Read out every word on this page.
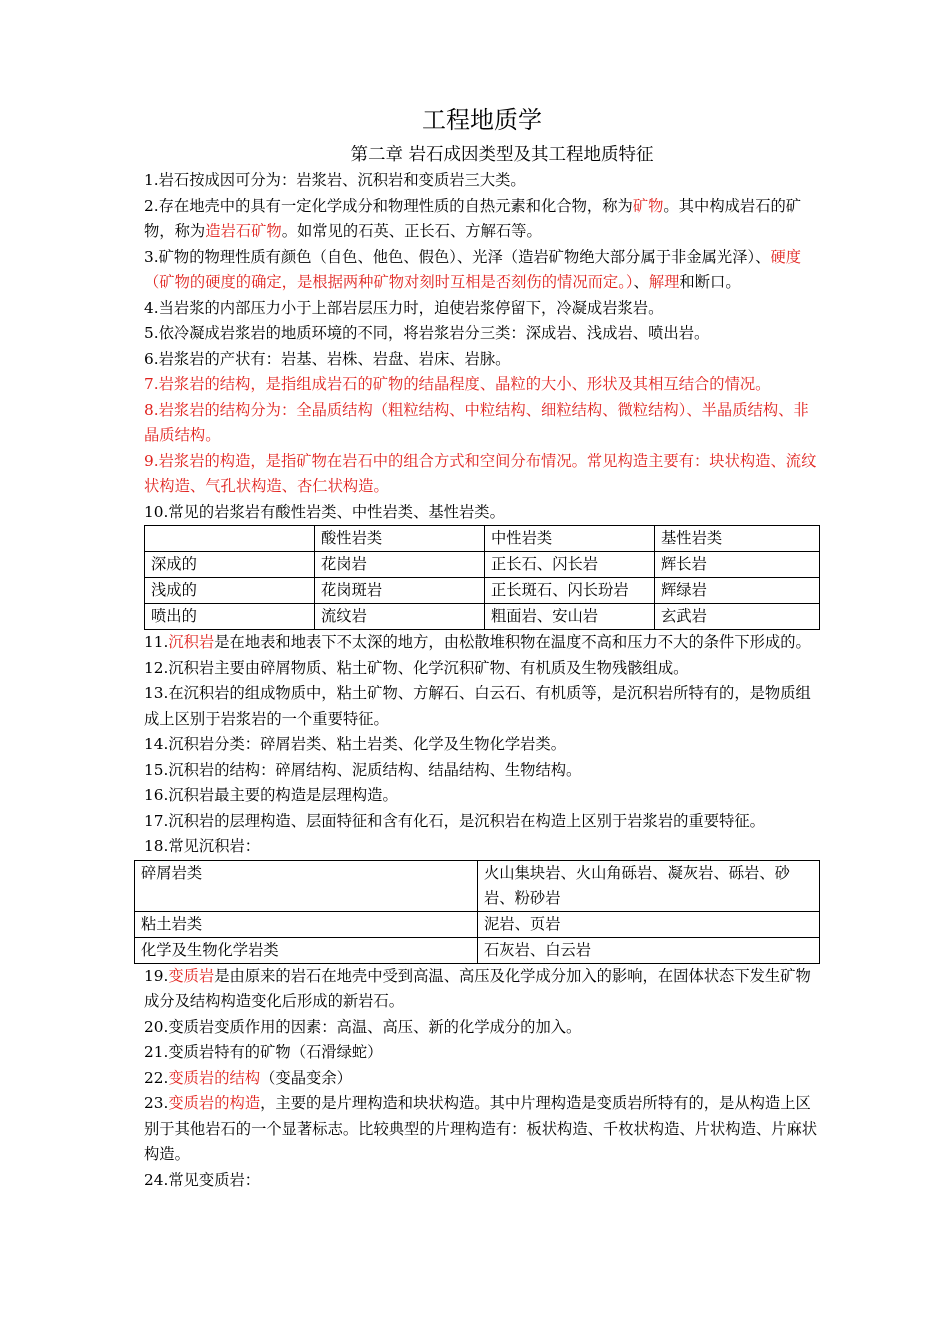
工程地质学
第二章 岩石成因类型及其工程地质特征

1.岩石按成因可分为：岩浆岩、沉积岩和变质岩三大类。

2.存在地壳中的具有一定化学成分和物理性质的自热元素和化合物，称为矿物。其中构成岩石的矿物，称为造岩石矿物。如常见的石英、正长石、方解石等。

3.矿物的物理性质有颜色（自色、他色、假色）、光泽（造岩矿物绝大部分属于非金属光泽）、硬度（矿物的硬度的确定，是根据两种矿物对刻时互相是否刻伤的情况而定。）、解理和断口。

4.当岩浆的内部压力小于上部岩层压力时，迫使岩浆停留下，冷凝成岩浆岩。

5.依冷凝成岩浆岩的地质环境的不同，将岩浆岩分三类：深成岩、浅成岩、喷出岩。

6.岩浆岩的产状有：岩基、岩株、岩盘、岩床、岩脉。

7.岩浆岩的结构，是指组成岩石的矿物的结晶程度、晶粒的大小、形状及其相互结合的情况。

8.岩浆岩的结构分为：全晶质结构（粗粒结构、中粒结构、细粒结构、微粒结构）、半晶质结构、非晶质结构。

9.岩浆岩的构造，是指矿物在岩石中的组合方式和空间分布情况。常见构造主要有：块状构造、流纹状构造、气孔状构造、杏仁状构造。

10.常见的岩浆岩有酸性岩类、中性岩类、基性岩类。

	酸性岩类	中性岩类	基性岩类
深成的	花岗岩	正长石、闪长岩	辉长岩
浅成的	花岗斑岩	正长斑石、闪长玢岩	辉绿岩
喷出的	流纹岩	粗面岩、安山岩	玄武岩

11.沉积岩是在地表和地表下不太深的地方，由松散堆积物在温度不高和压力不大的条件下形成的。

12.沉积岩主要由碎屑物质、粘土矿物、化学沉积矿物、有机质及生物残骸组成。

13.在沉积岩的组成物质中，粘土矿物、方解石、白云石、有机质等，是沉积岩所特有的，是物质组成上区别于岩浆岩的一个重要特征。

14.沉积岩分类：碎屑岩类、粘土岩类、化学及生物化学岩类。

15.沉积岩的结构：碎屑结构、泥质结构、结晶结构、生物结构。

16.沉积岩最主要的构造是层理构造。

17.沉积岩的层理构造、层面特征和含有化石，是沉积岩在构造上区别于岩浆岩的重要特征。

18.常见沉积岩：

碎屑岩类	火山集块岩、火山角砾岩、凝灰岩、砾岩、砂岩、粉砂岩
粘土岩类	泥岩、页岩
化学及生物化学岩类	石灰岩、白云岩

19.变质岩是由原来的岩石在地壳中受到高温、高压及化学成分加入的影响，在固体状态下发生矿物成分及结构构造变化后形成的新岩石。

20.变质岩变质作用的因素：高温、高压、新的化学成分的加入。

21.变质岩特有的矿物（石滑绿蛇）

22.变质岩的结构（变晶变余）

23.变质岩的构造，主要的是片理构造和块状构造。其中片理构造是变质岩所特有的，是从构造上区别于其他岩石的一个显著标志。比较典型的片理构造有：板状构造、千枚状构造、片状构造、片麻状构造。

24.常见变质岩：
